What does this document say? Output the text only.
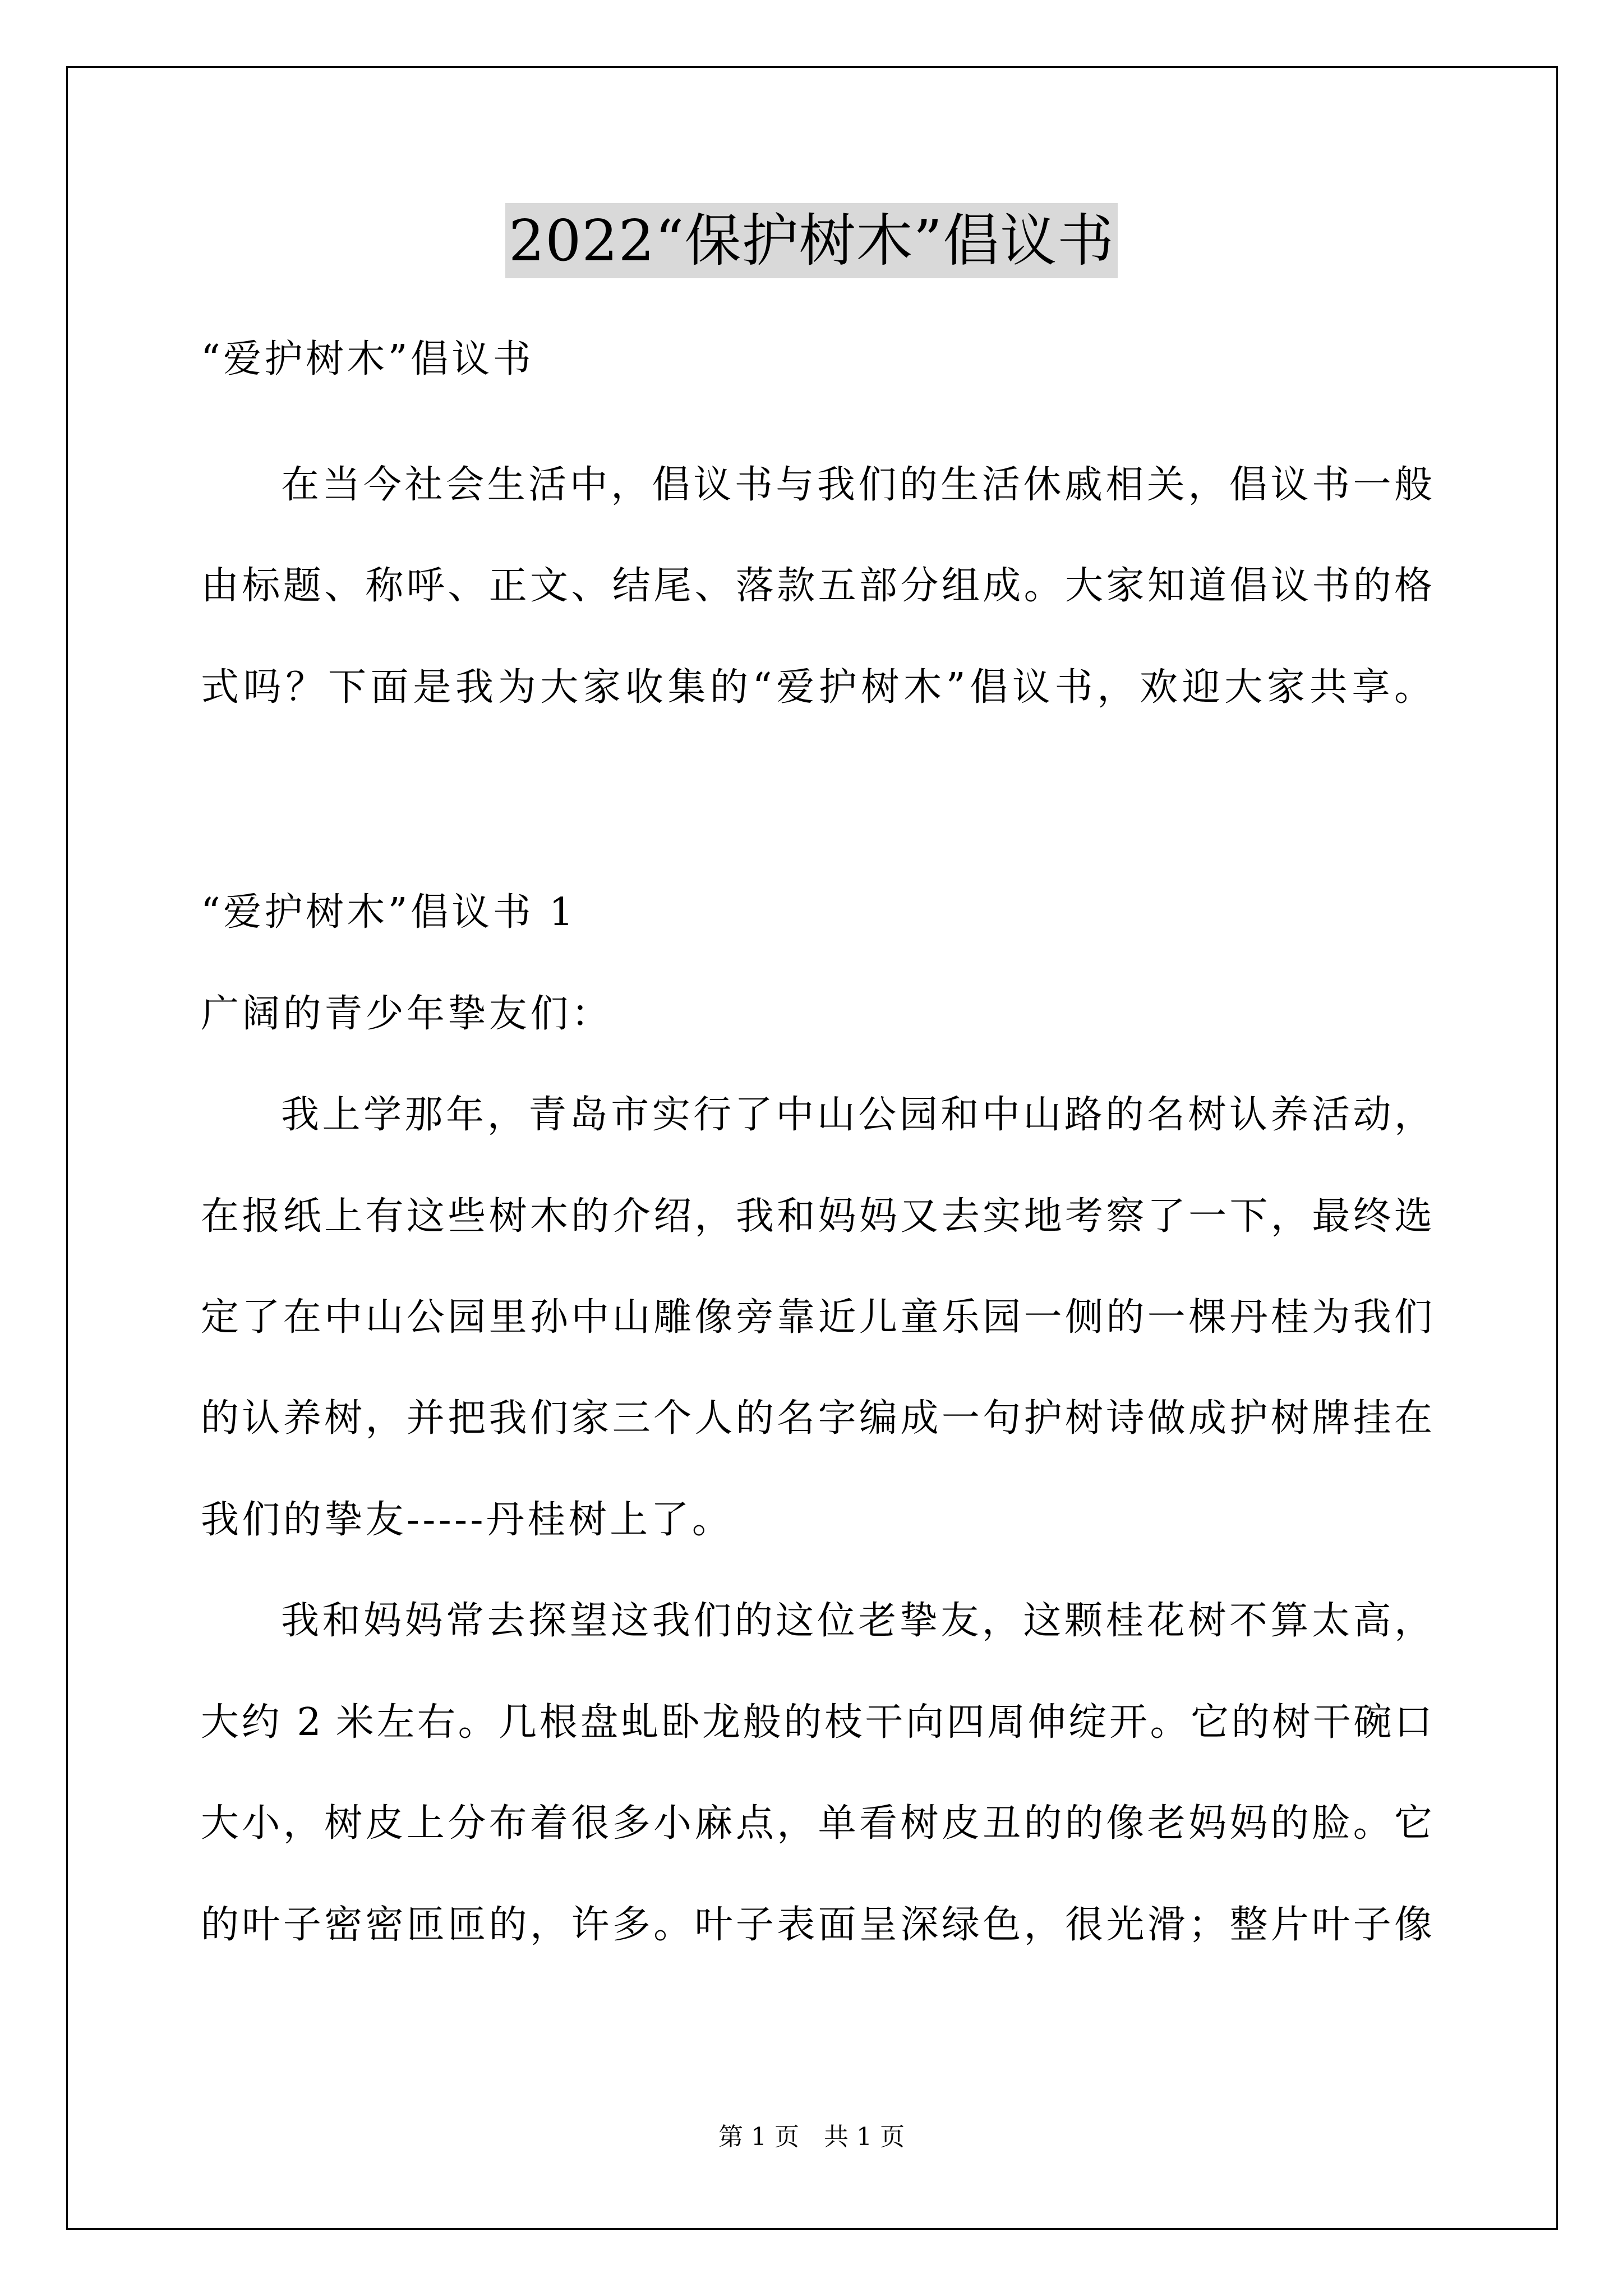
2022“保护树木”倡议书
“爱护树木”倡议书
在当今社会生活中，倡议书与我们的生活休戚相关，倡议书一般
由标题、称呼、正文、结尾、落款五部分组成。大家知道倡议书的格
式吗？下面是我为大家收集的“爱护树木”倡议书，欢迎大家共享。
“爱护树木”倡议书 1
广阔的青少年挚友们：
我上学那年，青岛市实行了中山公园和中山路的名树认养活动，
在报纸上有这些树木的介绍，我和妈妈又去实地考察了一下，最终选
定了在中山公园里孙中山雕像旁靠近儿童乐园一侧的一棵丹桂为我们
的认养树，并把我们家三个人的名字编成一句护树诗做成护树牌挂在
我们的挚友-----丹桂树上了。
我和妈妈常去探望这我们的这位老挚友，这颗桂花树不算太高，
大约 2 米左右。几根盘虬卧龙般的枝干向四周伸绽开。它的树干碗口
大小，树皮上分布着很多小麻点，单看树皮丑的的像老妈妈的脸。它
的叶子密密匝匝的，许多。叶子表面呈深绿色，很光滑；整片叶子像
第 1 页　共 1 页
